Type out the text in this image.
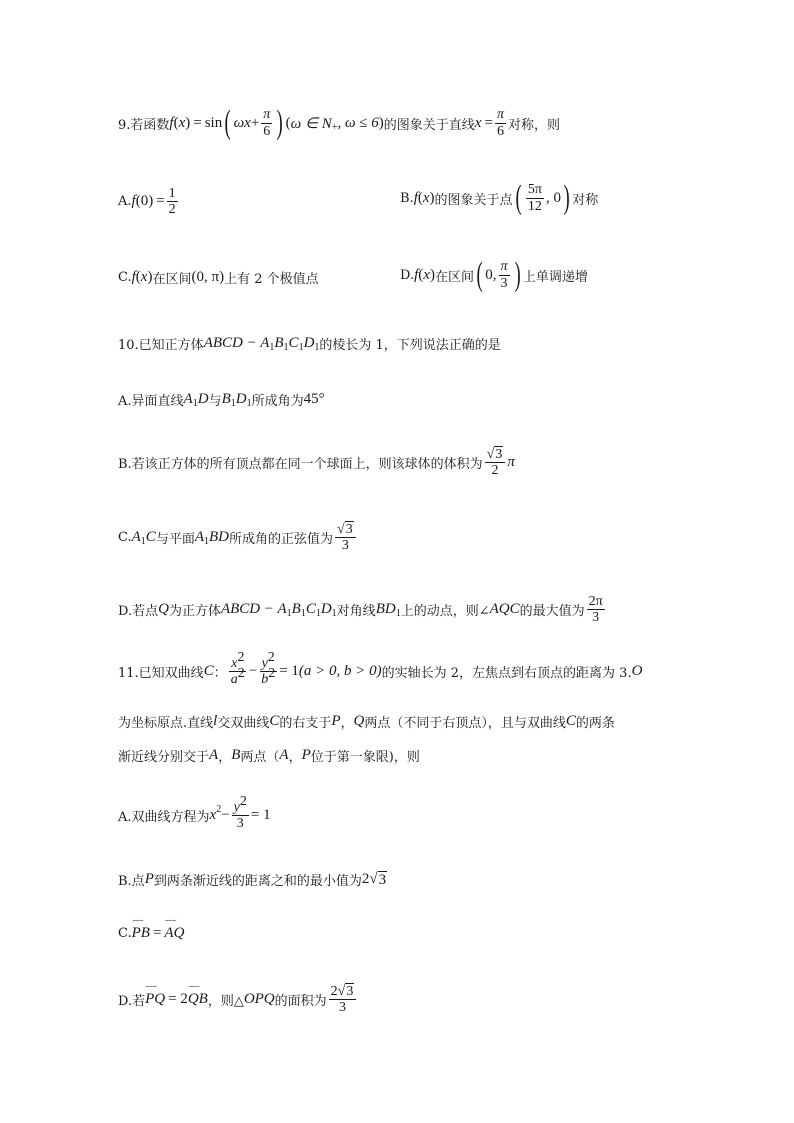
9.若函数 f ( x ) = sin ( ω $x + \frac{\pi}{6}$ ) ( ω ∈ N + , ω ≤ 6 ) 的图象关于直线 $x = \frac{\pi}{6}$ 对称，则
A. f ( 0 ) = $\frac{1}{2}$	B. f ( x ) 的图象关于点 ( $\frac{5\pi}{12}$ , 0 ) 对称
C. f ( x ) 在区间 ( 0, π ) 上有 2 个极值点	D. f ( x ) 在区间 ( 0, $\frac{\pi}{3}$ ) 上单调递增
10.已知正方体 ABCD − A 1 B 1 C 1 D 1 的棱长为 1，下列说法正确的是
A.异面直线 A 1 D 与 B 1 D 1 所成角为 45°
B.若该正方体的所有顶点都在同一个球面上，则该球体的体积为 $\frac{√3}{2}$ π
C. A 1 C 与平面 A 1 BD 所成角的正弦值为 $\frac{√3}{3}$
D.若点 Q 为正方体 ABCD − A 1 B 1 C 1 D 1 对角线 BD 1 上的动点，则∠ AQC 的最大值为 $\frac{2\pi}{3}$
11.已知双曲线 C ： $\frac{x2}{a2} - \frac{y2}{b2} = 1$ (a > 0, b > 0) 的实轴长为 2，左焦点到右顶点的距离为 3. O
为坐标原点.直线 l 交双曲线 C 的右支于 P ， Q 两点（不同于右顶点），且与双曲线 C 的两条
渐近线分别交于 A ， B 两点（ A ， P 位于第一象限)，则
A.双曲线方程为 x $2 - \frac{y2}{3} = 1$
B.点 P 到两条渐近线的距离之和的最小值为 2 √ 3
C. ⌣⌣⌣ PB = ⌣⌣⌣ AQ
D.若 ⌣⌣⌣ PQ = 2 ⌣⌣⌣ QB ，则△ OPQ 的面积为 $\frac{2√3}{3}$
